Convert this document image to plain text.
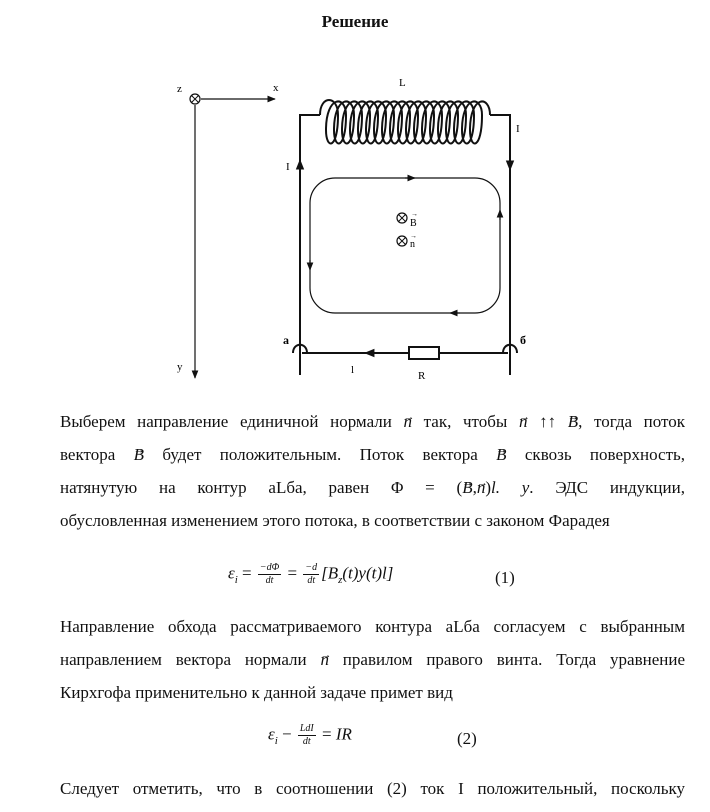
Решение
z	x
y
B
→
n
→
L
I
I
а	б
l	R
Выберем направление единичной нормали n → так, чтобы n → ↑↑ B →, тогда поток
вектора B → будет положительным. Поток вектора B → сквозь поверхность,
натянутую на контур аLба, равен Φ = (B →,n →)l. y. ЭДС индукции,
обусловленная изменением этого потока, в соответствии с законом Фарадея
$\varepsilon_i = \frac{-d\Phi}{dt} = \frac{-d}{dt} [B_z(t)y(t)l]$	(1)
Направление обхода рассматриваемого контура аLба согласуем с выбранным
направлением вектора нормали n → правилом правого винта. Тогда уравнение
Кирхгофа применительно к данной задаче примет вид
$\varepsilon_i - \frac{\text{LdI}}{dt}$ = IR	(2)
Следует отметить, что в соотношении (2) ток I положительный, поскольку
